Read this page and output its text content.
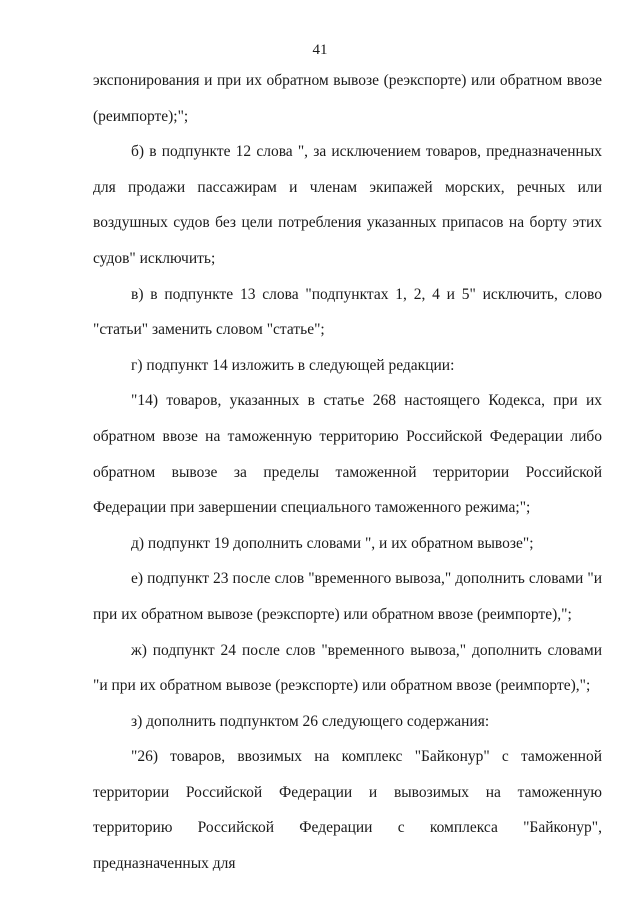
41

экспонирования и при их обратном вывозе (реэкспорте) или обратном ввозе (реимпорте);";

б) в подпункте 12 слова ", за исключением товаров, предназначенных для продажи пассажирам и членам экипажей морских, речных или воздушных судов без цели потребления указанных припасов на борту этих судов" исключить;

в) в подпункте 13 слова "подпунктах 1, 2, 4 и 5" исключить, слово "статьи" заменить словом "статье";

г) подпункт 14 изложить в следующей редакции:

"14) товаров, указанных в статье 268 настоящего Кодекса, при их обратном ввозе на таможенную территорию Российской Федерации либо обратном вывозе за пределы таможенной территории Российской Федерации при завершении специального таможенного режима;";

д) подпункт 19 дополнить словами ", и их обратном вывозе";

е) подпункт 23 после слов "временного вывоза," дополнить словами "и при их обратном вывозе (реэкспорте) или обратном ввозе (реимпорте),";

ж) подпункт 24 после слов "временного вывоза," дополнить словами "и при их обратном вывозе (реэкспорте) или обратном ввозе (реимпорте),";

з) дополнить подпунктом 26 следующего содержания:

"26) товаров, ввозимых на комплекс "Байконур" с таможенной территории Российской Федерации и вывозимых на таможенную территорию Российской Федерации с комплекса "Байконур", предназначенных для
